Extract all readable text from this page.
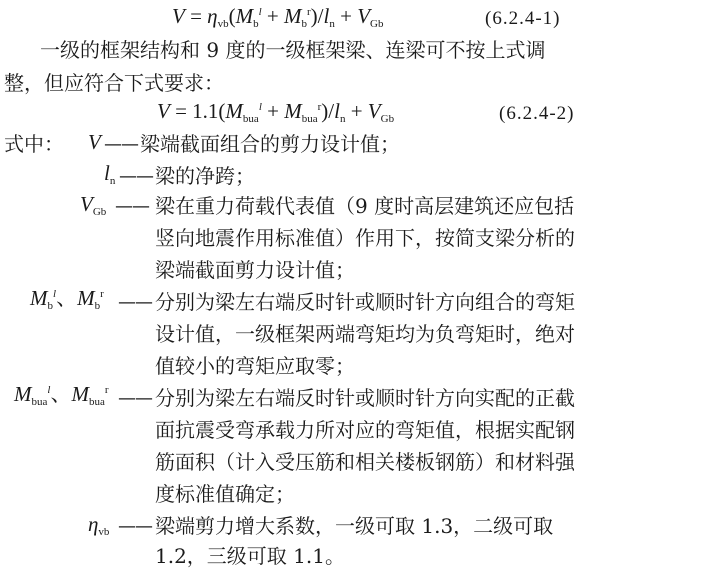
$V = \eta_{vb}(M_b^l + M_b^r)/l_n + V_{Gb}$	(6.2.4-1)
一级的框架结构和 9 度的一级框架梁、连梁可不按上式调
整，但应符合下式要求：
$V = 1.1(M_{bua}^l + M_{bua}^r)/l_n + V_{Gb}$	(6.2.4-2)
式中： V —— 梁端截面组合的剪力设计值；
$l_n$ —— 梁的净跨；
$V_{Gb}$ —— 梁在重力荷载代表值（9 度时高层建筑还应包括
竖向地震作用标准值）作用下，按简支梁分析的
梁端截面剪力设计值；
$M_b^l$、$M_b^r$ —— 分别为梁左右端反时针或顺时针方向组合的弯矩
设计值，一级框架两端弯矩均为负弯矩时，绝对
值较小的弯矩应取零；
$M_{bua}^l$、$M_{bua}^r$ —— 分别为梁左右端反时针或顺时针方向实配的正截
面抗震受弯承载力所对应的弯矩值，根据实配钢
筋面积（计入受压筋和相关楼板钢筋）和材料强
度标准值确定；
$\eta_{vb}$ —— 梁端剪力增大系数，一级可取 1.3，二级可取
1.2，三级可取 1.1。
